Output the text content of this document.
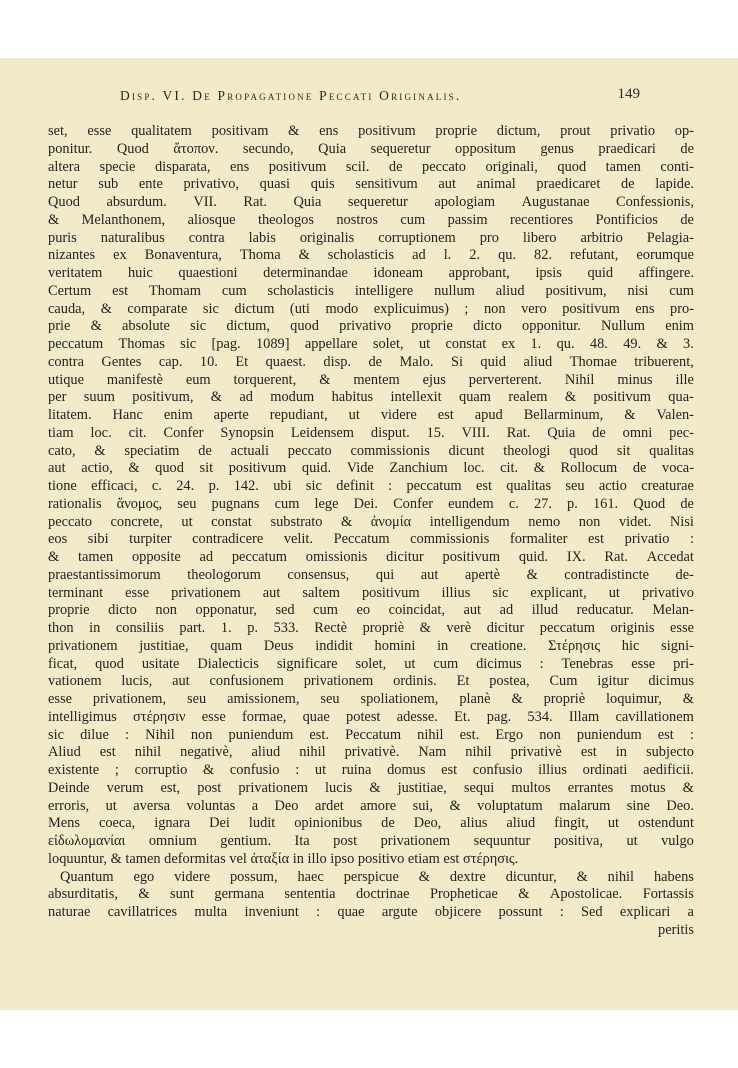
Disp. VI. De Propagatione Peccati Originalis.	149
set, esse qualitatem positivam & ens positivum proprie dictum, prout privatio op-
ponitur. Quod ἄτοπον. secundo, Quia sequeretur oppositum genus praedicari de
altera specie disparata, ens positivum scil. de peccato originali, quod tamen conti-
netur sub ente privativo, quasi quis sensitivum aut animal praedicaret de lapide.
Quod absurdum. VII. Rat. Quia sequeretur apologiam Augustanae Confessionis,
& Melanthonem, aliosque theologos nostros cum passim recentiores Pontificios de
puris naturalibus contra labis originalis corruptionem pro libero arbitrio Pelagia-
nizantes ex Bonaventura, Thoma & scholasticis ad l. 2. qu. 82. refutant, eorumque
veritatem huic quaestioni determinandae idoneam approbant, ipsis quid affingere.
Certum est Thomam cum scholasticis intelligere nullum aliud positivum, nisi cum
cauda, & comparate sic dictum (uti modo explicuimus) ; non vero positivum ens pro-
prie & absolute sic dictum, quod privativo proprie dicto opponitur. Nullum enim
peccatum Thomas sic [pag. 1089] appellare solet, ut constat ex 1. qu. 48. 49. & 3.
contra Gentes cap. 10. Et quaest. disp. de Malo. Si quid aliud Thomae tribuerent,
utique manifestè eum torquerent, & mentem ejus perverterent. Nihil minus ille
per suum positivum, & ad modum habitus intellexit quam realem & positivum qua-
litatem. Hanc enim aperte repudiant, ut videre est apud Bellarminum, & Valen-
tiam loc. cit. Confer Synopsin Leidensem disput. 15. VIII. Rat. Quia de omni pec-
cato, & speciatim de actuali peccato commissionis dicunt theologi quod sit qualitas
aut actio, & quod sit positivum quid. Vide Zanchium loc. cit. & Rollocum de voca-
tione efficaci, c. 24. p. 142. ubi sic definit : peccatum est qualitas seu actio creaturae
rationalis ἄνομος, seu pugnans cum lege Dei. Confer eundem c. 27. p. 161. Quod de
peccato concrete, ut constat substrato & ἀνομία intelligendum nemo non videt. Nisi
eos sibi turpiter contradicere velit. Peccatum commissionis formaliter est privatio :
& tamen opposite ad peccatum omissionis dicitur positivum quid. IX. Rat. Accedat
praestantissimorum theologorum consensus, qui aut apertè & contradistincte de-
terminant esse privationem aut saltem positivum illius sic explicant, ut privativo
proprie dicto non opponatur, sed cum eo coincidat, aut ad illud reducatur. Melan-
thon in consiliis part. 1. p. 533. Rectè propriè & verè dicitur peccatum originis esse
privationem justitiae, quam Deus indidit homini in creatione. Στέρησις hic signi-
ficat, quod usitate Dialecticis significare solet, ut cum dicimus : Tenebras esse pri-
vationem lucis, aut confusionem privationem ordinis. Et postea, Cum igitur dicimus
esse privationem, seu amissionem, seu spoliationem, planè & propriè loquimur, &
intelligimus στέρησιν esse formae, quae potest adesse. Et. pag. 534. Illam cavillationem
sic dilue : Nihil non puniendum est. Peccatum nihil est. Ergo non puniendum est :
Aliud est nihil negativè, aliud nihil privativè. Nam nihil privativè est in subjecto
existente ; corruptio & confusio : ut ruina domus est confusio illius ordinati aedificii.
Deinde verum est, post privationem lucis & justitiae, sequi multos errantes motus &
erroris, ut aversa voluntas a Deo ardet amore sui, & voluptatum malarum sine Deo.
Mens coeca, ignara Dei ludit opinionibus de Deo, alius aliud fingit, ut ostendunt
εἰδωλομανίαι omnium gentium. Ita post privationem sequuntur positiva, ut vulgo
loquuntur, & tamen deformitas vel ἀταξία in illo ipso positivo etiam est στέρησις.
Quantum ego videre possum, haec perspicue & dextre dicuntur, & nihil habens
absurditatis, & sunt germana sententia doctrinae Propheticae & Apostolicae. Fortassis
naturae cavillatrices multa inveniunt : quae argute objicere possunt : Sed explicari a
peritis
